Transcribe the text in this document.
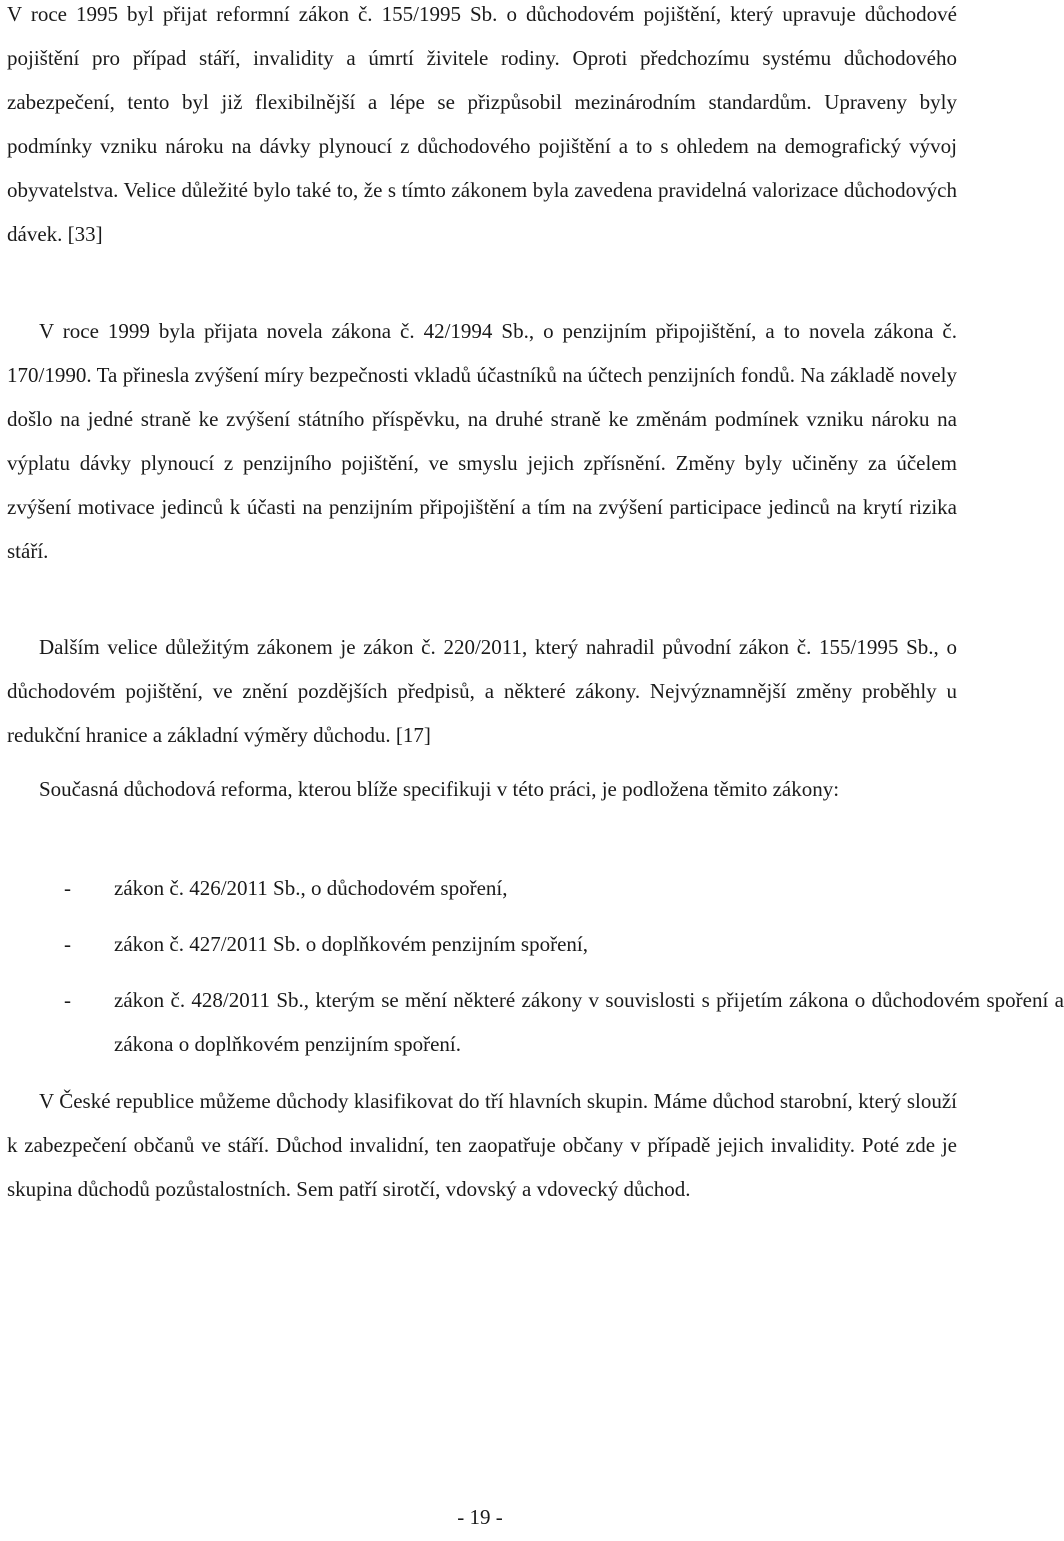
V roce 1995 byl přijat reformní zákon č. 155/1995 Sb. o důchodovém pojištění, který upravuje důchodové pojištění pro případ stáří, invalidity a úmrtí živitele rodiny. Oproti předchozímu systému důchodového zabezpečení, tento byl již flexibilnější a lépe se přizpůsobil mezinárodním standardům. Upraveny byly podmínky vzniku nároku na dávky plynoucí z důchodového pojištění a to s ohledem na demografický vývoj obyvatelstva. Velice důležité bylo také to, že s tímto zákonem byla zavedena pravidelná valorizace důchodových dávek. [33]

V roce 1999 byla přijata novela zákona č. 42/1994 Sb., o penzijním připojištění, a to novela zákona č. 170/1990. Ta přinesla zvýšení míry bezpečnosti vkladů účastníků na účtech penzijních fondů. Na základě novely došlo na jedné straně ke zvýšení státního příspěvku, na druhé straně ke změnám podmínek vzniku nároku na výplatu dávky plynoucí z penzijního pojištění, ve smyslu jejich zpřísnění. Změny byly učiněny za účelem zvýšení motivace jedinců k účasti na penzijním připojištění a tím na zvýšení participace jedinců na krytí rizika stáří.

Dalším velice důležitým zákonem je zákon č. 220/2011, který nahradil původní zákon č. 155/1995 Sb., o důchodovém pojištění, ve znění pozdějších předpisů, a některé zákony. Nejvýznamnější změny proběhly u redukční hranice a základní výměry důchodu. [17]

Současná důchodová reforma, kterou blíže specifikuji v této práci, je podložena těmito zákony:

- zákon č. 426/2011 Sb., o důchodovém spoření,
- zákon č. 427/2011 Sb. o doplňkovém penzijním spoření,
- zákon č. 428/2011 Sb., kterým se mění některé zákony v souvislosti s přijetím zákona o důchodovém spoření a zákona o doplňkovém penzijním spoření.

V České republice můžeme důchody klasifikovat do tří hlavních skupin. Máme důchod starobní, který slouží k zabezpečení občanů ve stáří. Důchod invalidní, ten zaopatřuje občany v případě jejich invalidity. Poté zde je skupina důchodů pozůstalostních. Sem patří sirotčí, vdovský a vdovecký důchod.

- 19 -
